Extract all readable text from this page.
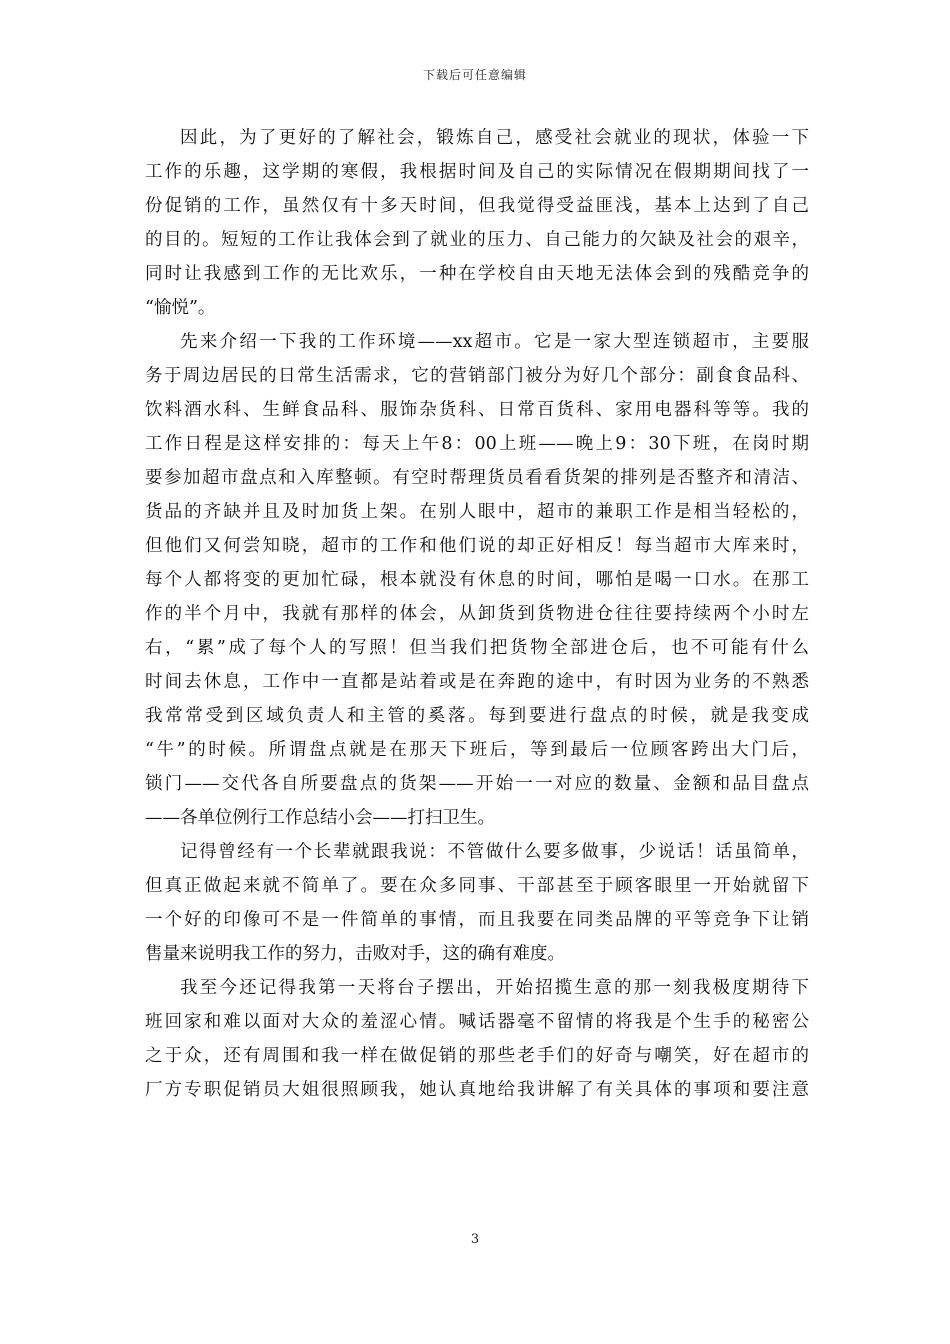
下载后可任意编辑
因此，为了更好的了解社会，锻炼自己，感受社会就业的现状，体验一下
工作的乐趣，这学期的寒假，我根据时间及自己的实际情况在假期期间找了一
份促销的工作，虽然仅有十多天时间，但我觉得受益匪浅，基本上达到了自己
的目的。短短的工作让我体会到了就业的压力、自己能力的欠缺及社会的艰辛，
同时让我感到工作的无比欢乐，一种在学校自由天地无法体会到的残酷竞争的
“愉悦”。
先来介绍一下我的工作环境——xx超市。它是一家大型连锁超市，主要服
务于周边居民的日常生活需求，它的营销部门被分为好几个部分：副食食品科、
饮料酒水科、生鲜食品科、服饰杂货科、日常百货科、家用电器科等等。我的
工作日程是这样安排的：每天上午8：00上班——晚上9：30下班，在岗时期
要参加超市盘点和入库整顿。有空时帮理货员看看货架的排列是否整齐和清洁、
货品的齐缺并且及时加货上架。在别人眼中，超市的兼职工作是相当轻松的，
但他们又何尝知晓，超市的工作和他们说的却正好相反！每当超市大库来时，
每个人都将变的更加忙碌，根本就没有休息的时间，哪怕是喝一口水。在那工
作的半个月中，我就有那样的体会，从卸货到货物进仓往往要持续两个小时左
右，“累”成了每个人的写照！但当我们把货物全部进仓后，也不可能有什么
时间去休息，工作中一直都是站着或是在奔跑的途中，有时因为业务的不熟悉
我常常受到区域负责人和主管的奚落。每到要进行盘点的时候，就是我变成
“牛”的时候。所谓盘点就是在那天下班后，等到最后一位顾客跨出大门后，
锁门——交代各自所要盘点的货架——开始一一对应的数量、金额和品目盘点
——各单位例行工作总结小会——打扫卫生。
记得曾经有一个长辈就跟我说：不管做什么要多做事，少说话！话虽简单，
但真正做起来就不简单了。要在众多同事、干部甚至于顾客眼里一开始就留下
一个好的印像可不是一件简单的事情，而且我要在同类品牌的平等竞争下让销
售量来说明我工作的努力，击败对手，这的确有难度。
我至今还记得我第一天将台子摆出，开始招揽生意的那一刻我极度期待下
班回家和难以面对大众的羞涩心情。喊话器毫不留情的将我是个生手的秘密公
之于众，还有周围和我一样在做促销的那些老手们的好奇与嘲笑，好在超市的
厂方专职促销员大姐很照顾我，她认真地给我讲解了有关具体的事项和要注意
3
